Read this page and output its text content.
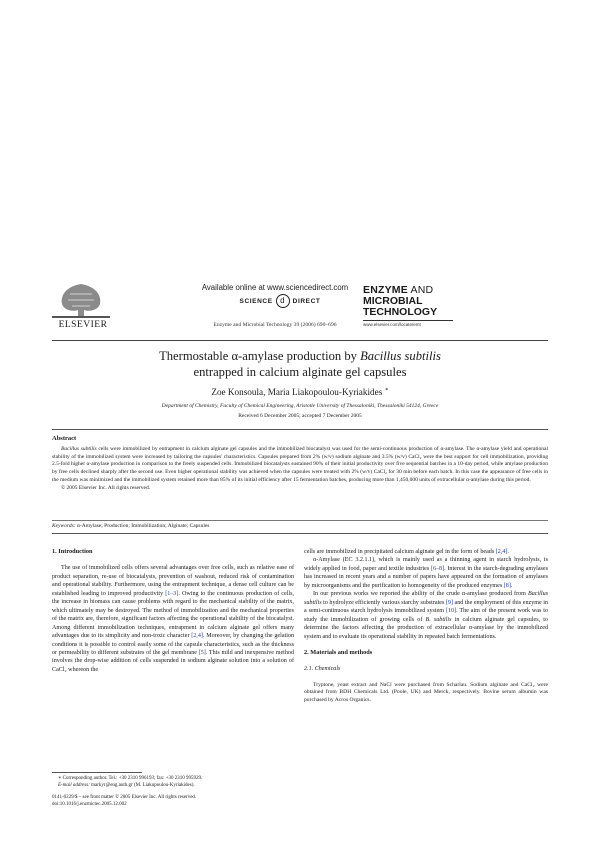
ELSEVIER
Available online at www.sciencedirect.com
SCIENCE d	DIRECT
Enzyme and Microbial Technology 39 (2006) 690–696
ENZYME AND
MICROBIAL
TECHNOLOGY
www.elsevier.com/locate/emt
Thermostable α-amylase production by Bacillus subtilis
entrapped in calcium alginate gel capsules
Zoe Konsoula, Maria Liakopoulou-Kyriakides ∗
Department of Chemistry, Faculty of Chemical Engineering, Aristotle University of Thessaloniki, Thessaloniki 54124, Greece
Received 6 December 2005; accepted 7 December 2005
Abstract

Bacillus subtilis cells were immobilized by entrapment in calcium alginate gel capsules and the immobilized biocatalyst was used for the semi-continuous production of α-amylase. The α-amylase yield and operational stability of the immobilized system were increased by tailoring the capsules' characteristics. Capsules prepared from 2% (w/v) sodium alginate and 3.5% (w/v) CaCl₂ were the best support for cell immobilization, providing 2.5-fold higher α-amylase production in comparison to the freely suspended cells. Immobilized biocatalysts sustained 90% of their initial productivity over five sequential batches in a 10-day period, while amylase production by free cells declined sharply after the second use. Even higher operational stability was achieved when the capsules were treated with 2% (w/v) CaCl₂ for 30 min before each batch. In this case the appearance of free cells in the medium was minimized and the immobilized system retained more than 85% of its initial efficiency after 15 fermentation batches, producing more than 1,450,000 units of extracellular α-amylase during this period.

© 2005 Elsevier Inc. All rights reserved.

Keywords: α-Amylase; Production; Immobilization; Alginate; Capsules
1. Introduction

The use of immobilized cells offers several advantages over free cells, such as relative ease of product separation, re-use of biocatalysts, prevention of washout, reduced risk of contamination and operational stability. Furthermore, using the entrapment technique, a dense cell culture can be established leading to improved productivity [1–3]. Owing to the continuous production of cells, the increase in biomass can cause problems with regard to the mechanical stability of the matrix, which ultimately may be destroyed. The method of immobilization and the mechanical properties of the matrix are, therefore, significant factors affecting the operational stability of the biocatalyst. Among different immobilization techniques, entrapment in calcium alginate gel offers many advantages due to its simplicity and non-toxic character [2,4]. Moreover, by changing the gelation conditions it is possible to control easily some of the capsule characteristics, such as the thickness or permeability to different substrates of the gel membrane [5]. This mild and inexpensive method involves the drop-wise addition of cells suspended in sodium alginate solution into a solution of CaCl₂ whereon the

cells are immobilized in precipitated calcium alginate gel in the form of beads [2,4].

α-Amylase (EC 3.2.1.1), which is mainly used as a thinning agent in starch hydrolysis, is widely applied in food, paper and textile industries [6–8]. Interest in the starch-degrading amylases has increased in recent years and a number of papers have appeared on the formation of amylases by microorganisms and the purification to homogeneity of the produced enzymes [8].

In our previous works we reported the ability of the crude α-amylase produced from Bacillus subtilis to hydrolyze efficiently various starchy substrates [9] and the employment of this enzyme in a semi-continuous starch hydrolysis immobilized system [10]. The aim of the present work was to study the immobilization of growing cells of B. subtilis in calcium alginate gel capsules, to determine the factors affecting the production of extracellular α-amylase by the immobilized system and to evaluate its operational stability in repeated batch fermentations.

2. Materials and methods
2.1. Chemicals

Tryptone, yeast extract and NaCl were purchased from Scharlau. Sodium alginate and CaCl₂ were obtained from BDH Chemicals Ltd. (Poole, UK) and Merck, respectively. Bovine serum albumin was purchased by Acros Organics.

∗ Corresponding author. Tel.: +30 2310 996193; fax: +30 2310 995929.

E-mail address: markyr@eng.auth.gr (M. Liakopoulou-Kyriakides).

0141-0229/$ – see front matter © 2005 Elsevier Inc. All rights reserved.

doi:10.1016/j.enzmictec.2005.12.002
